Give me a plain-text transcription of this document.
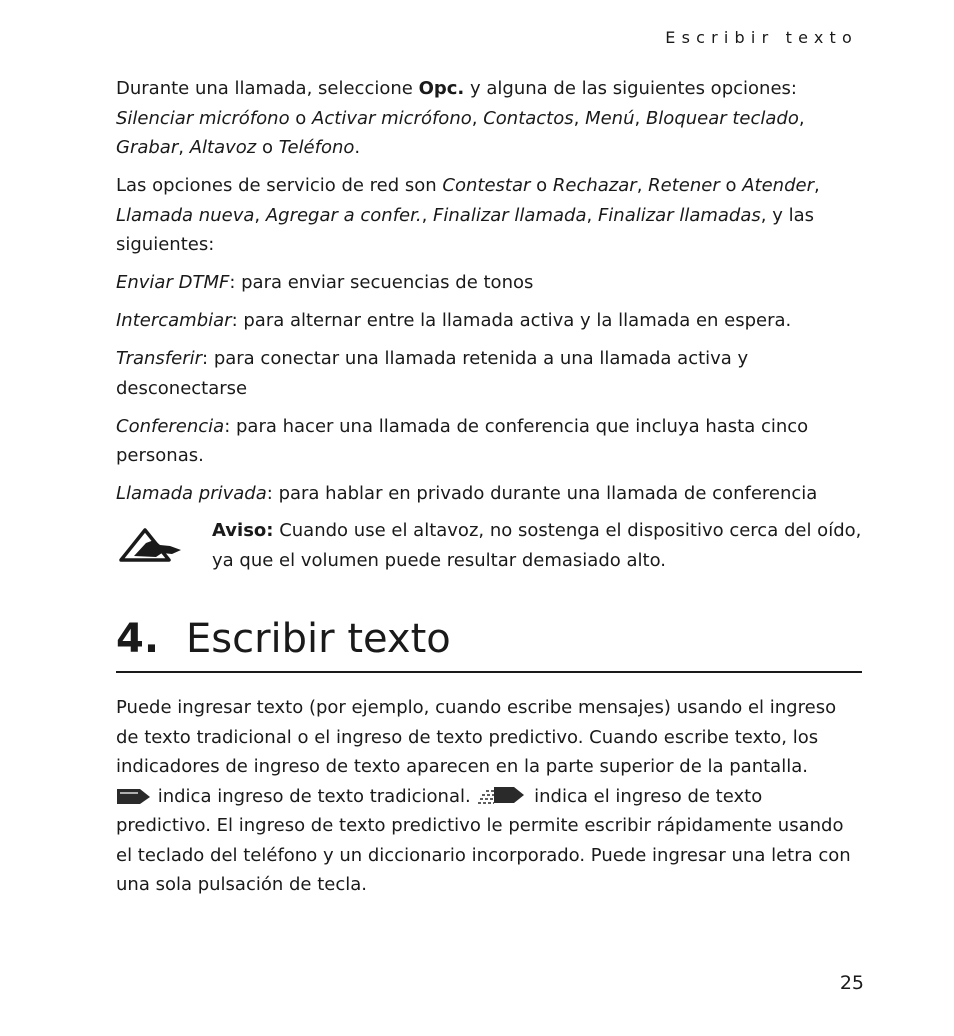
Escribir texto

Durante una llamada, seleccione Opc. y alguna de las siguientes opciones: Silenciar micrófono o Activar micrófono, Contactos, Menú, Bloquear teclado, Grabar, Altavoz o Teléfono.

Las opciones de servicio de red son Contestar o Rechazar, Retener o Atender, Llamada nueva, Agregar a confer., Finalizar llamada, Finalizar llamadas, y las siguientes:

Enviar DTMF: para enviar secuencias de tonos

Intercambiar: para alternar entre la llamada activa y la llamada en espera.

Transferir: para conectar una llamada retenida a una llamada activa y desconectarse

Conferencia: para hacer una llamada de conferencia que incluya hasta cinco personas.

Llamada privada: para hablar en privado durante una llamada de conferencia

Aviso: Cuando use el altavoz, no sostenga el dispositivo cerca del oído, ya que el volumen puede resultar demasiado alto.
4. Escribir texto

Puede ingresar texto (por ejemplo, cuando escribe mensajes) usando el ingreso de texto tradicional o el ingreso de texto predictivo. Cuando escribe texto, los indicadores de ingreso de texto aparecen en la parte superior de la pantalla.
indica ingreso de texto tradicional.	indica el ingreso de texto predictivo. El ingreso de texto predictivo le permite escribir rápidamente usando el teclado del teléfono y un diccionario incorporado. Puede ingresar una letra con una sola pulsación de tecla.

25
